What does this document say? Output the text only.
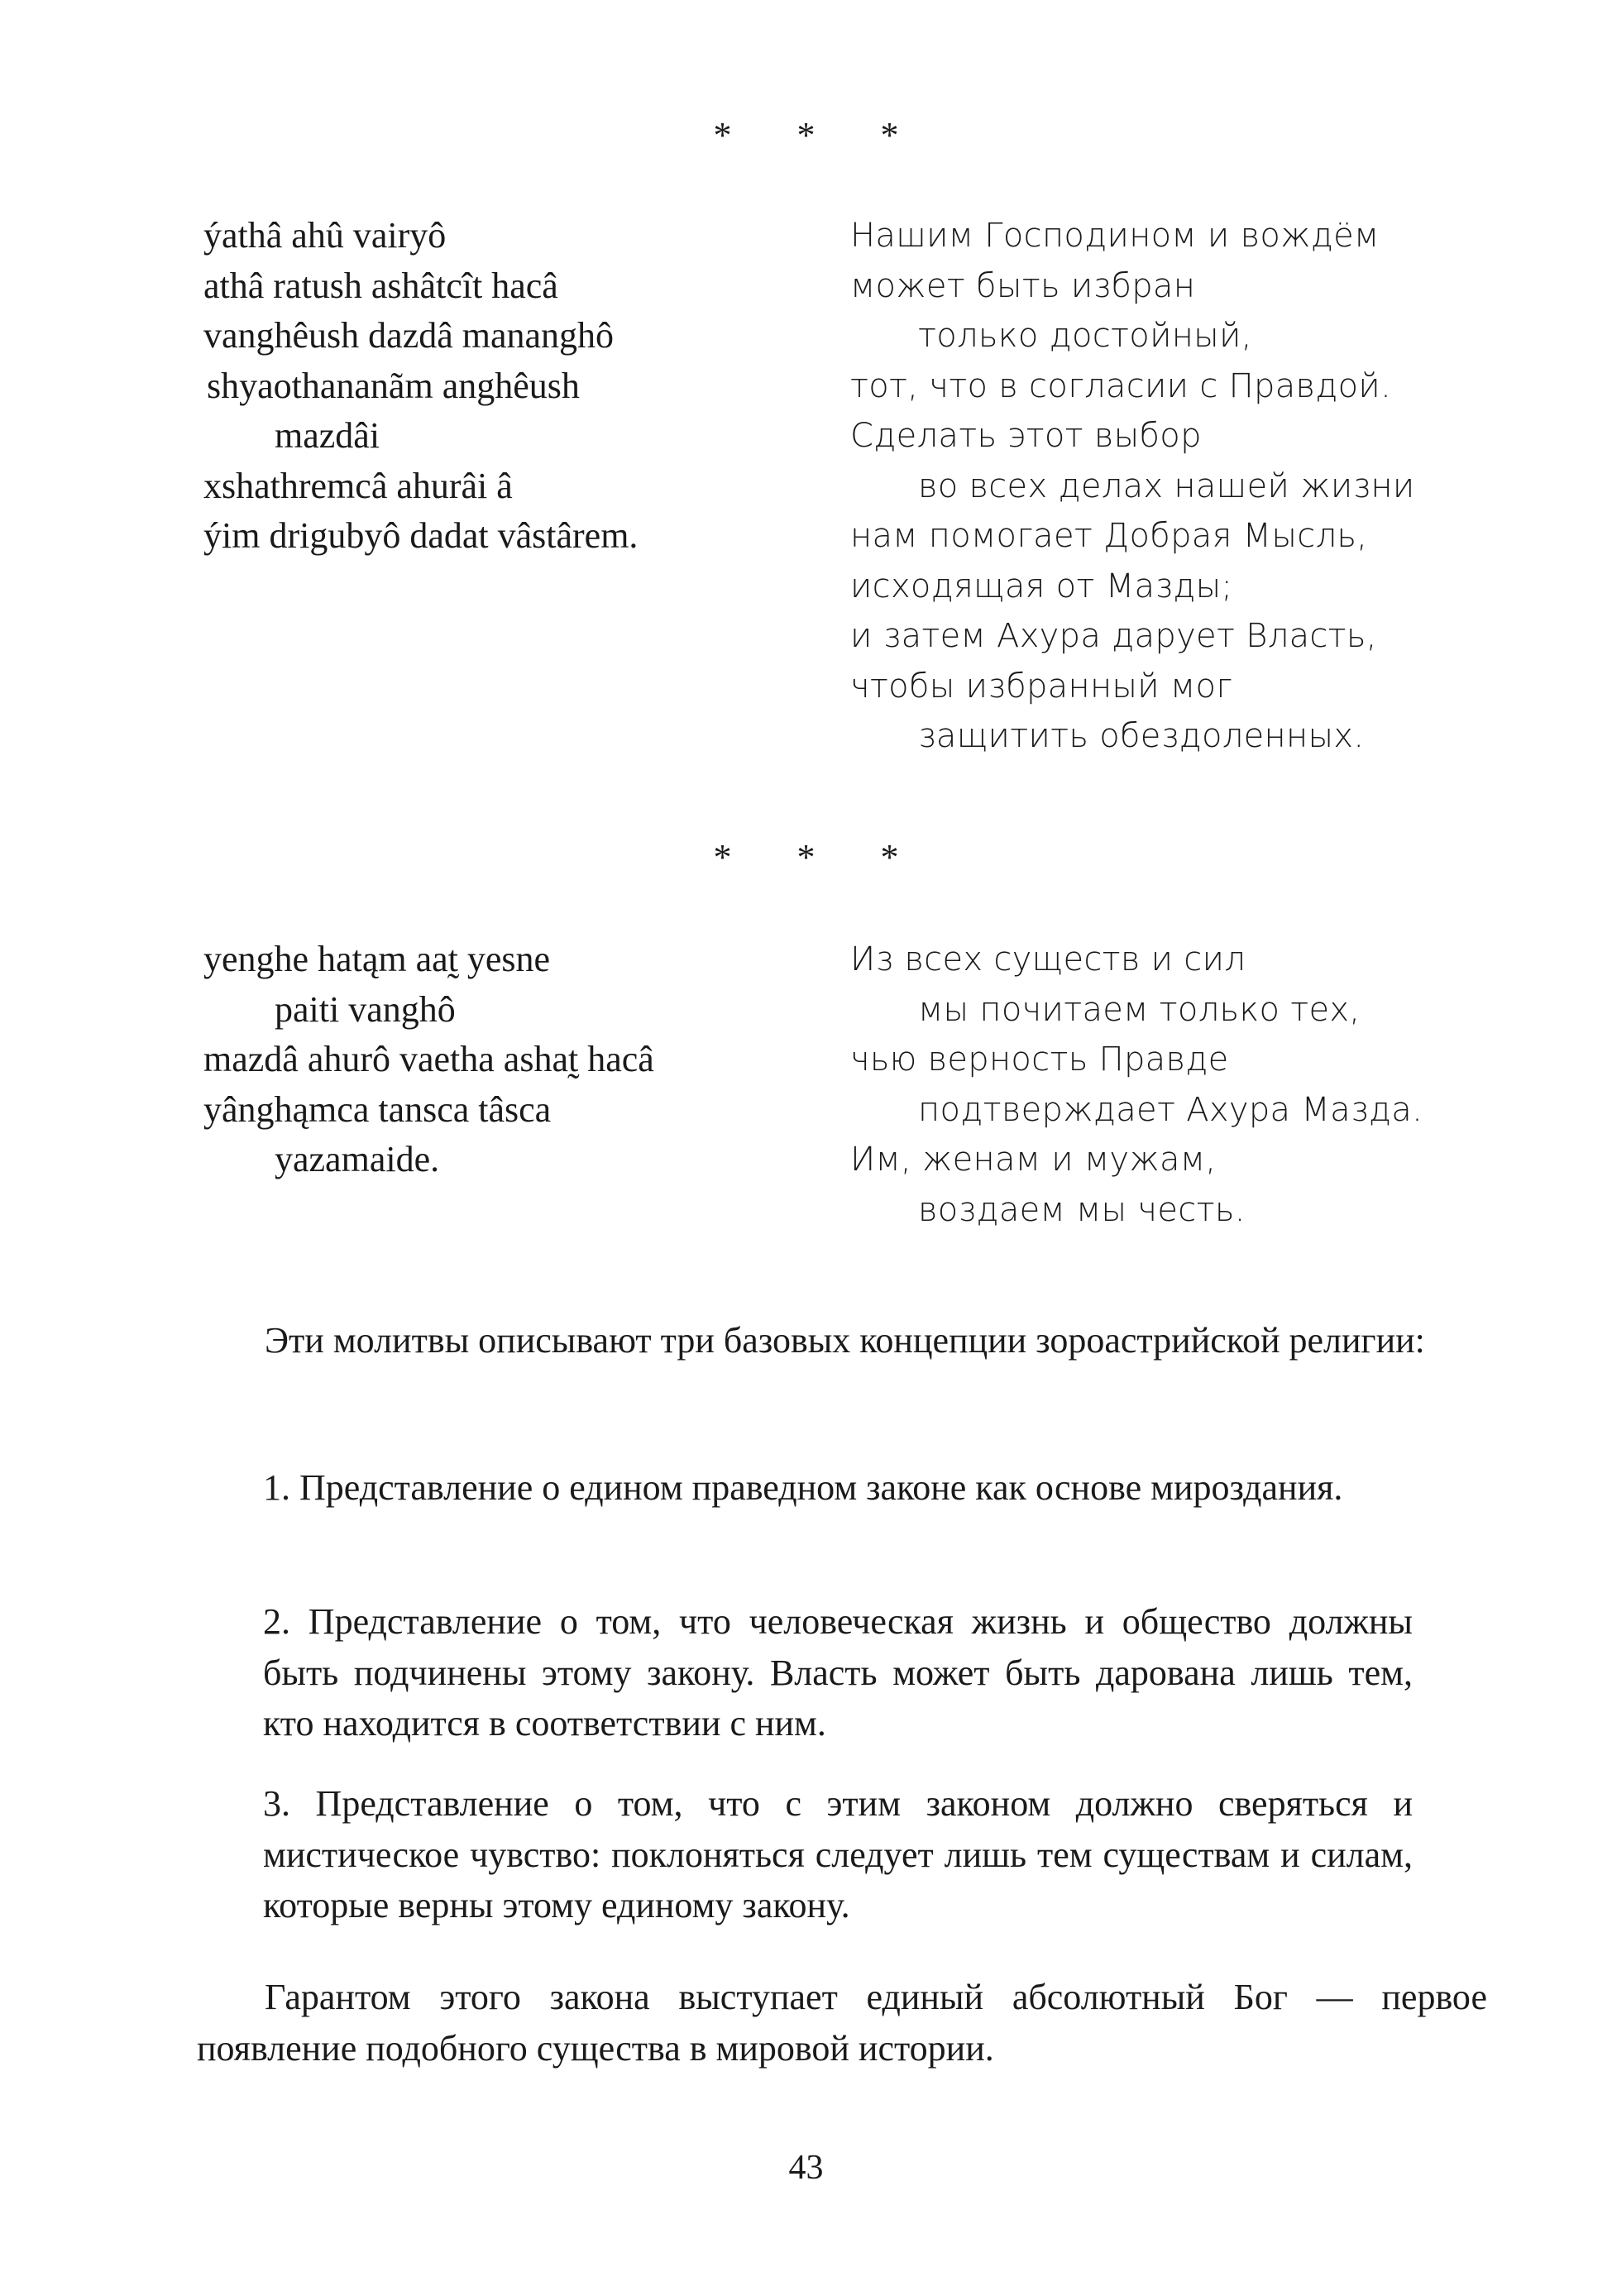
* * *
ýathâ ahû vairyô
athâ ratush ashâtcît hacâ
vanghêush dazdâ mananghô
shyaothananãm anghêush
mazdâi
xshathremcâ ahurâi â
ýim drigubyô dadat vâstârem.
Нашим Господином и вождём
может быть избран
только достойный,
тот, что в согласии с Правдой.
Сделать этот выбор
во всех делах нашей жизни
нам помогает Добрая Мысль,
исходящая от Мазды;
и затем Ахура дарует Власть,
чтобы избранный мог
защитить обездоленных.
* * *
yenghe hatąm aat̰ yesne
paiti vanghô
mazdâ ahurô vaetha ashat̰ hacâ
yânghąmca tansca tâsca
yazamaide.
Из всех существ и сил
мы почитаем только тех,
чью верность Правде
подтверждает Ахура Мазда.
Им, женам и мужам,
воздаем мы честь.

Эти молитвы описывают три базовых концепции зороастрийской религии:

1. Представление о едином праведном законе как основе мироздания.

2. Представление о том, что человеческая жизнь и общество должны быть подчинены этому закону. Власть может быть дарована лишь тем, кто находится в соответствии с ним.

3. Представление о том, что с этим законом должно сверяться и мистическое чувство: поклоняться следует лишь тем существам и силам, которые верны этому единому закону.

Гарантом этого закона выступает единый абсолютный Бог — первое появление подобного существа в мировой истории.

43
